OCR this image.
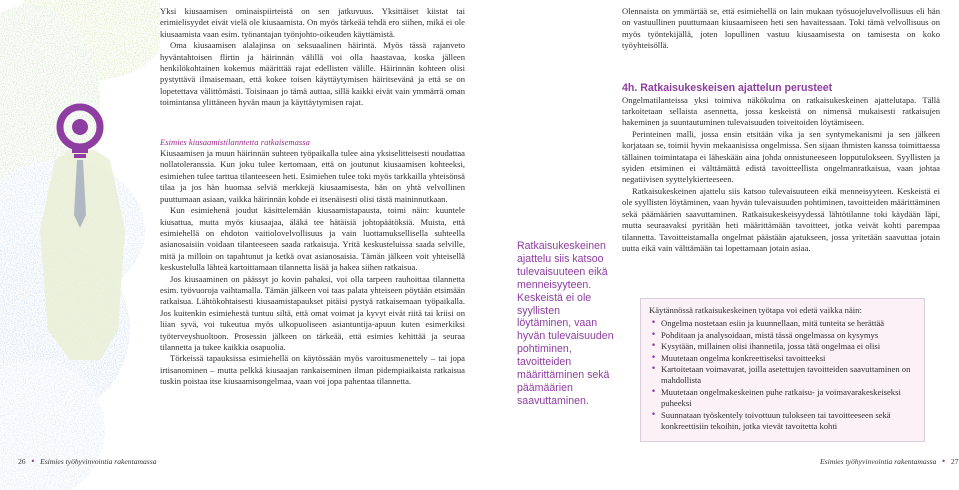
Yksi kiusaamisen ominaispiirteistä on sen jatkuvuus. Yksittäiset kiistat tai erimielisyydet eivät vielä ole kiusaamista. On myös tärkeää tehdä ero siihen, mikä ei ole kiusaamista vaan esim. työnantajan työnjohto-oikeuden käyttämistä.

Oma kiusaamisen alalajinsa on seksuaalinen häirintä. Myös tässä rajanveto hyväntahtoisen flirtin ja häirinnän välillä voi olla haastavaa, koska jälleen henkilökohtainen kokemus määrittää rajat edellisten välille. Häirinnän kohteen olisi pystyttävä ilmaisemaan, että kokee toisen käyttäytymisen häiritsevänä ja että se on lopetettava välittömästi. Toisinaan jo tämä auttaa, sillä kaikki eivät vain ymmärrä oman toimintansa ylittäneen hyvän maun ja käyttäytymisen rajat.

Esimies kiusaamistilanntetta ratkaisemassa

Kiusaamisen ja muun häirinnän suhteen työpaikalla tulee aina yksiselitteisesti noudattaa nollatoleranssia. Kun joku tulee kertomaan, että on joutunut kiusaamisen kohteeksi, esimiehen tulee tarttua tilanteeseen heti. Esimiehen tulee toki myös tarkkailla yhteisönsä tilaa ja jos hän huomaa selviä merkkejä kiusaamisesta, hän on yhtä velvollinen puuttumaan asiaan, vaikka häirinnän kohde ei itsenäisesti olisi tästä maininnutkaan.

Kun esimiehenä joudut käsittelemään kiusaamistapausta, toimi näin: kuuntele kiusattua, mutta myös kiusaajaa, äläkä tee hätäisiä johtopäätöksiä. Muista, että esimiehellä on ehdoton vaitiolovelvollisuus ja vain luottamuksellisella suhteella asianosaisiin voidaan tilanteeseen saada ratkaisuja. Yritä keskusteluissa saada selville, mitä ja milloin on tapahtunut ja ketkä ovat asianosaisia. Tämän jälkeen voit yhteisellä keskustelulla lähteä kartoittamaan tilannetta lisää ja hakea siihen ratkaisua.

Jos kiusaaminen on päässyt jo kovin pahaksi, voi olla tarpeen rauhoittaa tilannetta esim. työvuoroja vaihtamalla. Tämän jälkeen voi taas palata yhteiseen pöytään etsimään ratkaisua. Lähtökohtaisesti kiusaamistapaukset pitäisi pystyä ratkaisemaan työpaikalla. Jos kuitenkin esimiehestä tuntuu siltä, että omat voimat ja kyvyt eivät riitä tai kriisi on liian syvä, voi tukeutua myös ulkopuoliseen asiantuntija-apuun kuten esimerkiksi työterveyshuoltoon. Prosessin jälkeen on tärkeää, että esimies kehittää ja seuraa tilannetta ja tukee kaikkia osapuolia.

Törkeissä tapauksissa esimiehellä on käytössään myös varoitusmenettely – tai jopa irtisanominen – mutta pelkkä kiusaajan rankaiseminen ilman pidempiaikaista ratkaisua tuskin poistaa itse kiusaamisongelmaa, vaan voi jopa pahentaa tilannetta.

Ratkaisukeskeinen ajattelu siis katsoo tulevaisuuteen eikä menneisyyteen. Keskeistä ei ole syyllisten löytäminen, vaan hyvän tulevaisuuden pohtiminen, tavoitteiden määrittäminen sekä päämäärien saavuttaminen.

Olennaista on ymmärtää se, että esimiehellä on lain mukaan työsuojeluvelvollisuus eli hän on vastuullinen puuttumaan kiusaamiseen heti sen havaitessaan. Toki tämä velvollisuus on myös työntekijällä, joten lopullinen vastuu kiusaamisesta on tamisesta on koko työyhteisöllä.

4h. Ratkaisukeskeisen ajattelun perusteet

Ongelmatilanteissa yksi toimiva näkökulma on ratkaisukeskeinen ajattelutapa. Tällä tarkoitetaan sellaista asennetta, jossa keskeistä on nimensä mukaisesti ratkaisujen hakeminen ja suuntautuminen tulevaisuuden toiveitoiden löytämiseen.

Perinteinen malli, jossa ensin etsitään vika ja sen syntymekanismi ja sen jälkeen korjataan se, toimii hyvin mekaanisissa ongelmissa. Sen sijaan ihmisten kanssa toimittaessa tällainen toimintatapa ei läheskään aina johda onnistuneeseen lopputulokseen. Syyllisten ja syiden etsiminen ei välttämättä edistä tavoitteellista ongelmanratkaisua, vaan johtaa negatiivisen syyttelykierteeseen.

Ratkaisukeskeinen ajattelu siis katsoo tulevaisuuteen eikä menneisyyteen. Keskeistä ei ole syyllisten löytäminen, vaan hyvän tulevaisuuden pohtiminen, tavoitteiden määrittäminen sekä päämäärien saavuttaminen. Ratkaisukeskeisyydessä lähtötilanne toki käydään läpi, mutta seuraavaksi pyritään heti määrittämään tavoitteet, jotka veivät kohti parempaa tilannetta. Tavoitteistamalla ongelmat päästään ajatukseen, jossa yritetään saavuttaa jotain uutta eikä vain välttämään tai lopettamaan jotain asiaa.

Käytännössä ratkaisukeskeinen työtapa voi edetä vaikka näin:

• Ongelma nostetaan esiin ja kuunnellaan, mitä tunteita se herättää
• Pohditaan ja analysoidaan, mistä tässä ongelmassa on kysymys
• Kysytään, millainen olisi ihannetila, jossa tätä ongelmaa ei olisi
• Muutetaan ongelma konkreettiseksi tavoitteeksi
• Kartoitetaan voimavarat, joilla asetettujen tavoitteiden saavuttaminen on mahdollista
• Muutetaan ongelmakeskeinen puhe ratkaisu- ja voimavarakeskeiseksi puheeksi
• Suunnataan työskentely toivottuun tulokseen tai tavoitteeseen sekä konkreettisiin tekoihin, jotka vievät tavoitetta kohti
26 • Esimies työhyvinvointia rakentamassa	Esimies työhyvinvointia rakentamassa • 27
